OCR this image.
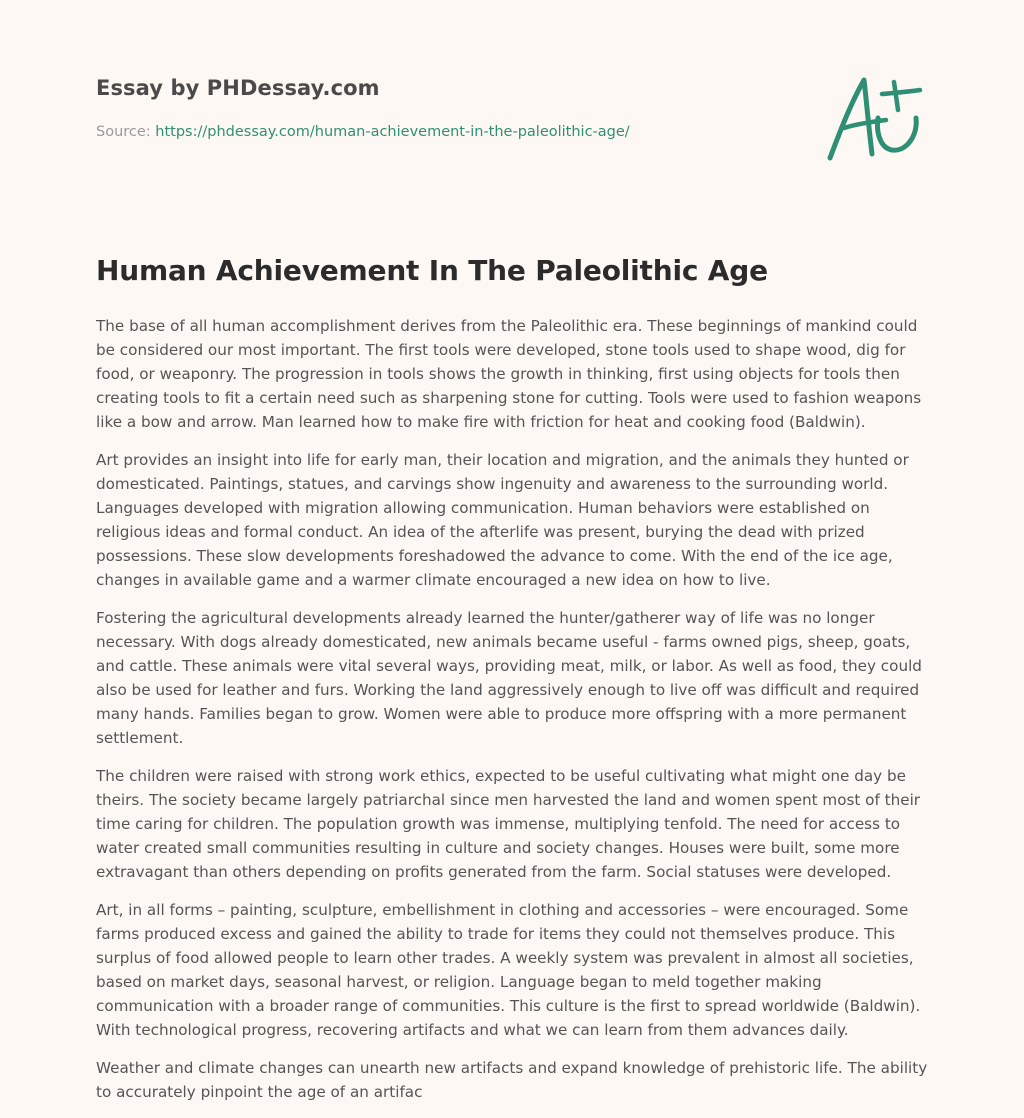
Essay by PHDessay.com
Source: https://phdessay.com/human-achievement-in-the-paleolithic-age/
Human Achievement In The Paleolithic Age

The base of all human accomplishment derives from the Paleolithic era. These beginnings of mankind could be considered our most important. The first tools were developed, stone tools used to shape wood, dig for food, or weaponry. The progression in tools shows the growth in thinking, first using objects for tools then creating tools to fit a certain need such as sharpening stone for cutting. Tools were used to fashion weapons like a bow and arrow. Man learned how to make fire with friction for heat and cooking food (Baldwin).

Art provides an insight into life for early man, their location and migration, and the animals they hunted or domesticated. Paintings, statues, and carvings show ingenuity and awareness to the surrounding world. Languages developed with migration allowing communication. Human behaviors were established on religious ideas and formal conduct. An idea of the afterlife was present, burying the dead with prized possessions. These slow developments foreshadowed the advance to come. With the end of the ice age, changes in available game and a warmer climate encouraged a new idea on how to live.

Fostering the agricultural developments already learned the hunter/gatherer way of life was no longer necessary. With dogs already domesticated, new animals became useful - farms owned pigs, sheep, goats, and cattle. These animals were vital several ways, providing meat, milk, or labor. As well as food, they could also be used for leather and furs. Working the land aggressively enough to live off was difficult and required many hands. Families began to grow. Women were able to produce more offspring with a more permanent settlement.

The children were raised with strong work ethics, expected to be useful cultivating what might one day be theirs. The society became largely patriarchal since men harvested the land and women spent most of their time caring for children. The population growth was immense, multiplying tenfold. The need for access to water created small communities resulting in culture and society changes. Houses were built, some more extravagant than others depending on profits generated from the farm. Social statuses were developed.

Art, in all forms – painting, sculpture, embellishment in clothing and accessories – were encouraged. Some farms produced excess and gained the ability to trade for items they could not themselves produce. This surplus of food allowed people to learn other trades. A weekly system was prevalent in almost all societies, based on market days, seasonal harvest, or religion. Language began to meld together making communication with a broader range of communities. This culture is the first to spread worldwide (Baldwin). With technological progress, recovering artifacts and what we can learn from them advances daily.

Weather and climate changes can unearth new artifacts and expand knowledge of prehistoric life. The ability to accurately pinpoint the age of an artifac
